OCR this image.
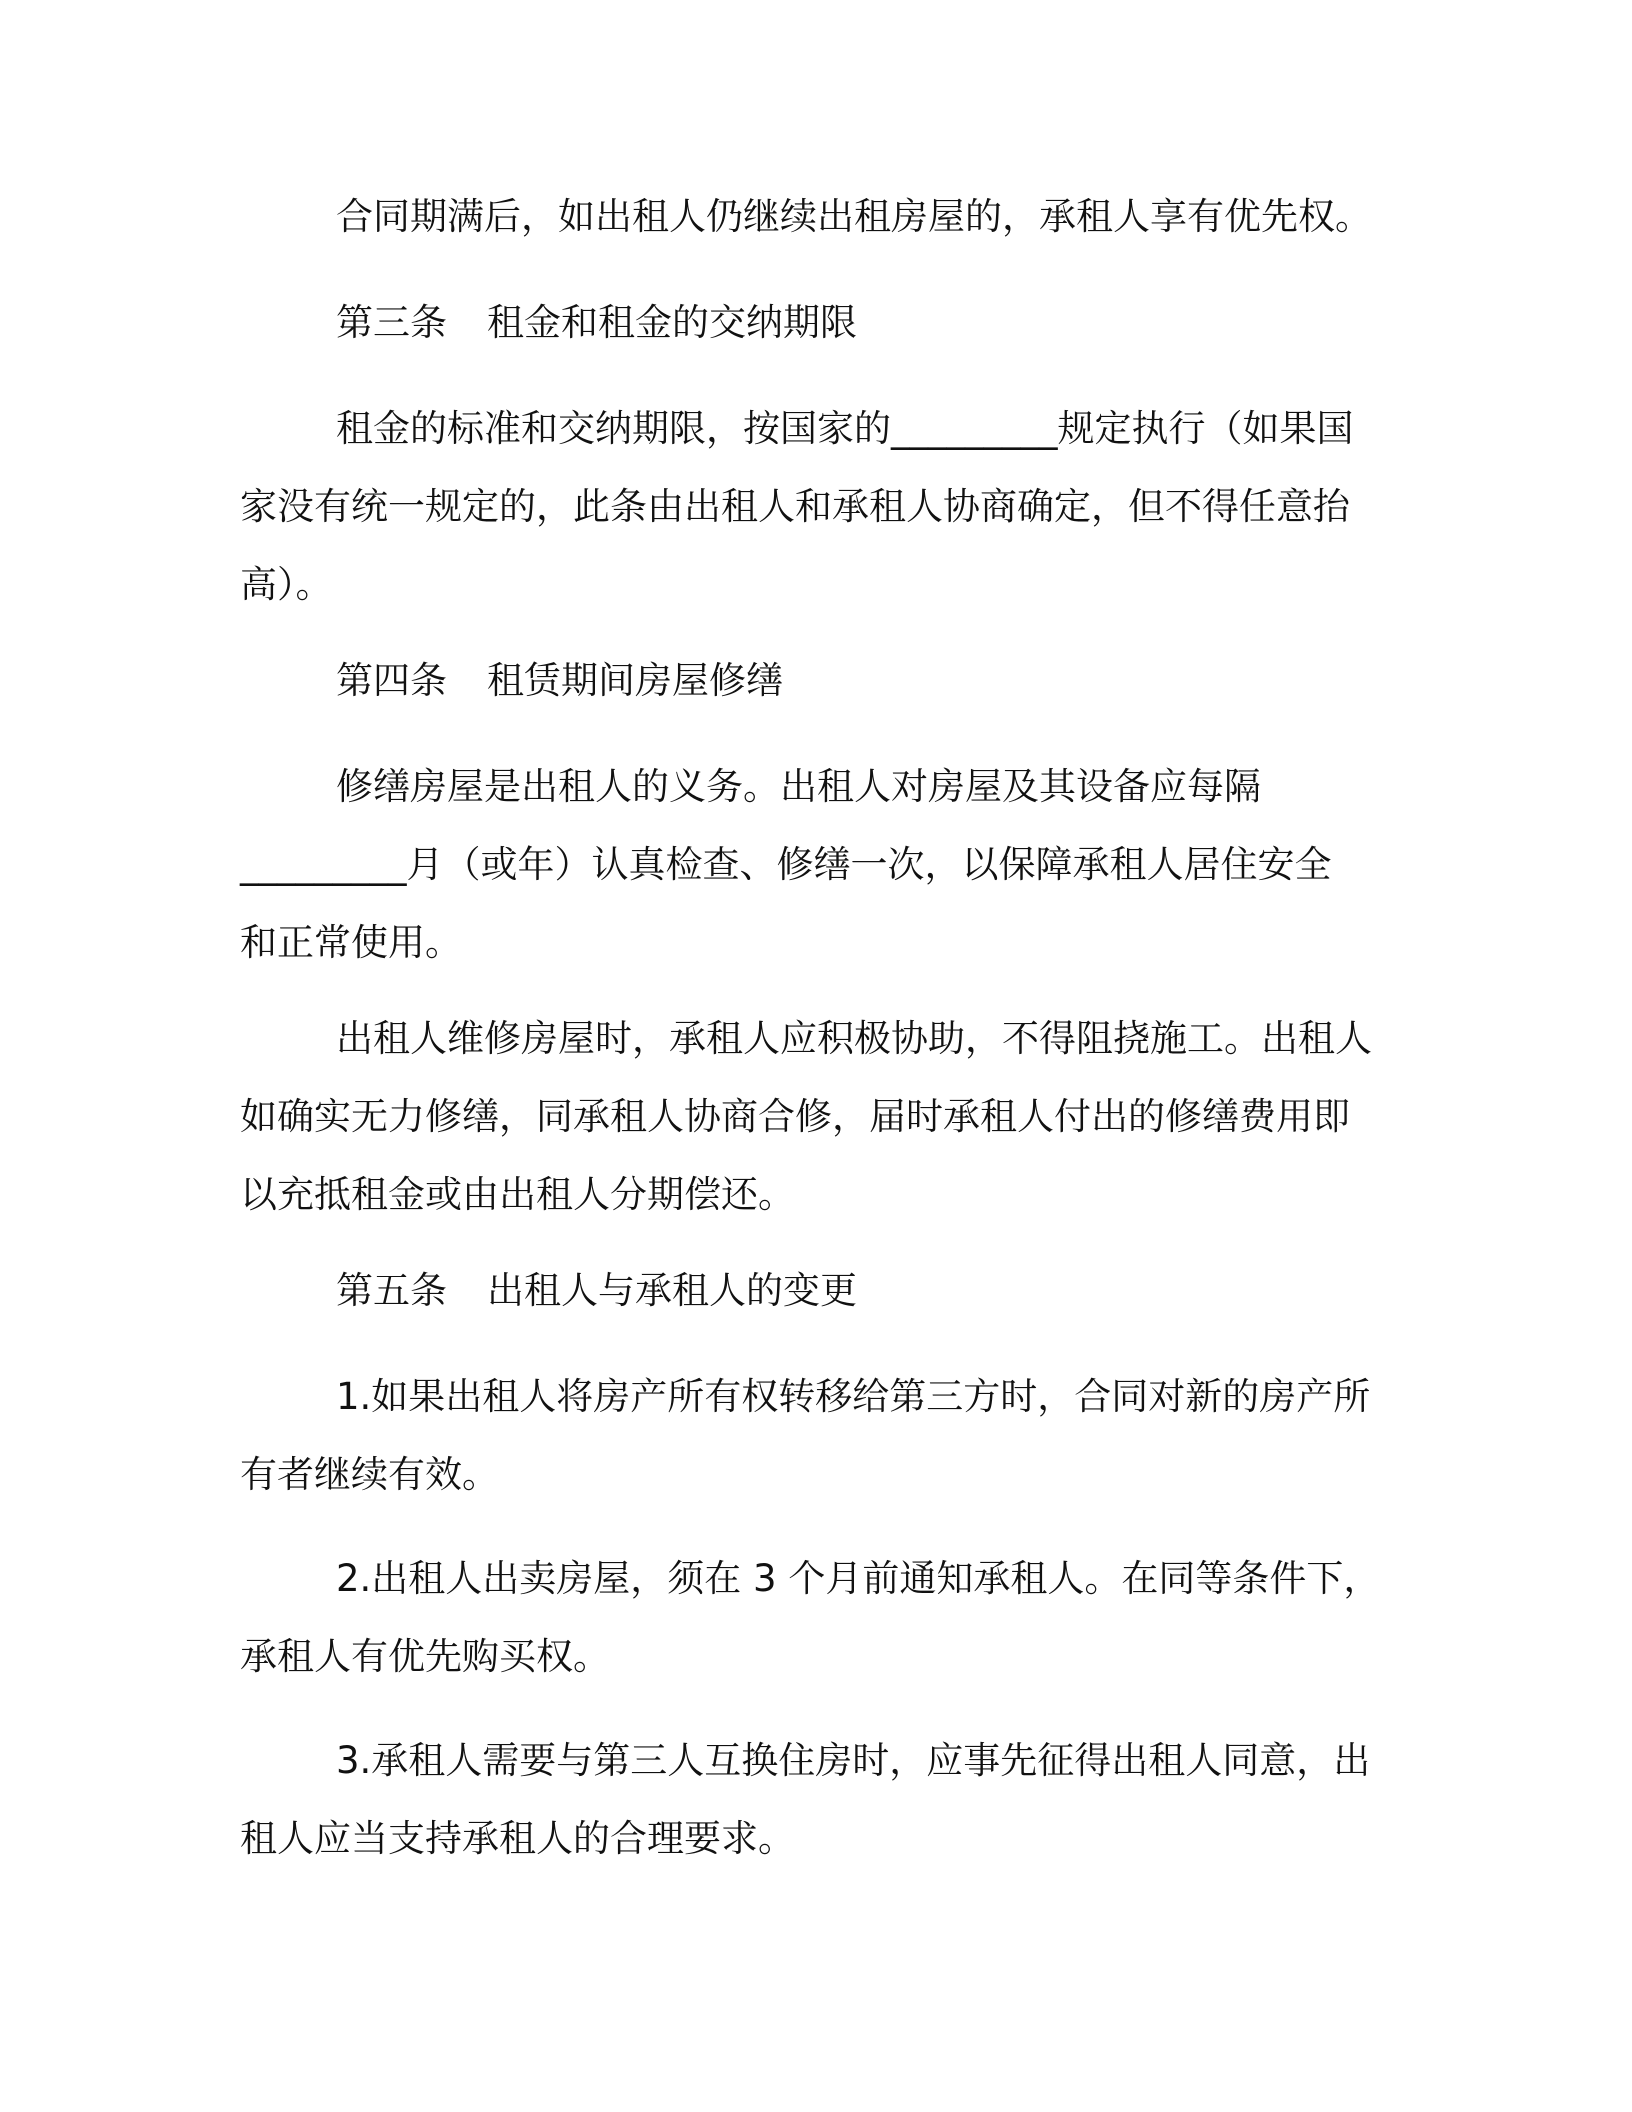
合同期满后，如出租人仍继续出租房屋的，承租人享有优先权。
第三条 租金和租金的交纳期限
租金的标准和交纳期限，按国家的_________规定执行（如果国
家没有统一规定的，此条由出租人和承租人协商确定，但不得任意抬
高）。
第四条 租赁期间房屋修缮
修缮房屋是出租人的义务。出租人对房屋及其设备应每隔
_________月（或年）认真检查、修缮一次，以保障承租人居住安全
和正常使用。
出租人维修房屋时，承租人应积极协助，不得阻挠施工。出租人
如确实无力修缮，同承租人协商合修，届时承租人付出的修缮费用即
以充抵租金或由出租人分期偿还。
第五条 出租人与承租人的变更
1.如果出租人将房产所有权转移给第三方时，合同对新的房产所
有者继续有效。
2.出租人出卖房屋，须在 3 个月前通知承租人。在同等条件下，
承租人有优先购买权。
3.承租人需要与第三人互换住房时，应事先征得出租人同意，出
租人应当支持承租人的合理要求。
